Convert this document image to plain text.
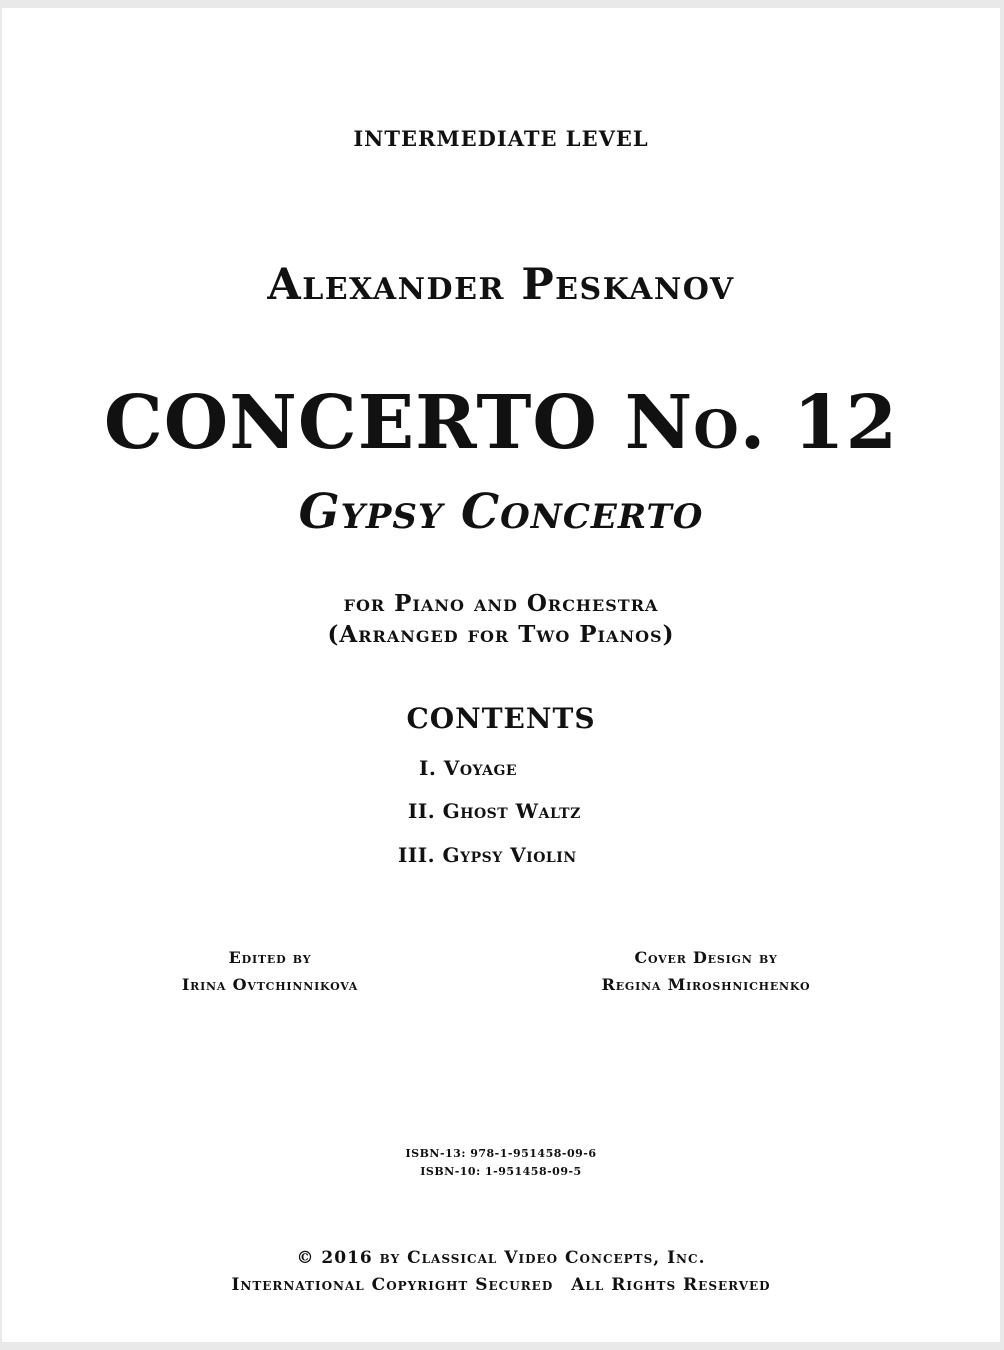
INTERMEDIATE LEVEL
Alexander Peskanov
CONCERTO No. 12
Gypsy Concerto
for Piano and Orchestra
(Arranged for Two Pianos)
CONTENTS
I. Voyage
II. Ghost Waltz
III. Gypsy Violin
Edited by
Irina Ovtchinnikova
Cover Design by
Regina Miroshnichenko
ISBN-13: 978-1-951458-09-6
ISBN-10: 1-951458-09-5
© 2016 by Classical Video Concepts, Inc.
International Copyright Secured All Rights Reserved
